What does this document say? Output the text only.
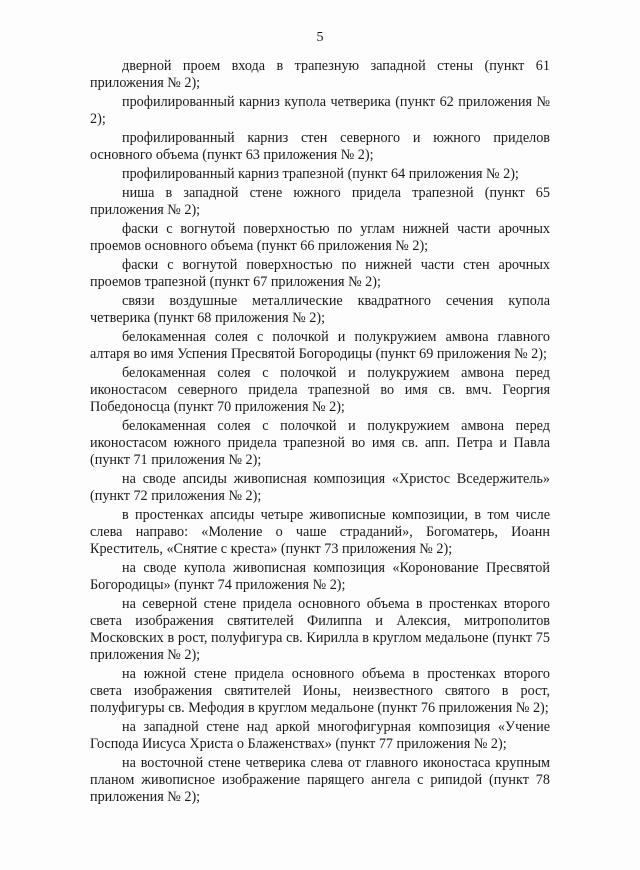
5

дверной проем входа в трапезную западной стены (пункт 61 приложения № 2);

профилированный карниз купола четверика (пункт 62 приложения № 2);

профилированный карниз стен северного и южного приделов основного объема (пункт 63 приложения № 2);

профилированный карниз трапезной (пункт 64 приложения № 2);

ниша в западной стене южного придела трапезной (пункт 65 приложения № 2);

фаски с вогнутой поверхностью по углам нижней части арочных проемов основного объема (пункт 66 приложения № 2);

фаски с вогнутой поверхностью по нижней части стен арочных проемов трапезной (пункт 67 приложения № 2);

связи воздушные металлические квадратного сечения купола четверика (пункт 68 приложения № 2);

белокаменная солея с полочкой и полукружием амвона главного алтаря во имя Успения Пресвятой Богородицы (пункт 69 приложения № 2);

белокаменная солея с полочкой и полукружием амвона перед иконостасом северного придела трапезной во имя св. вмч. Георгия Победоносца (пункт 70 приложения № 2);

белокаменная солея с полочкой и полукружием амвона перед иконостасом южного придела трапезной во имя св. апп. Петра и Павла (пункт 71 приложения № 2);

на своде апсиды живописная композиция «Христос Вседержитель» (пункт 72 приложения № 2);

в простенках апсиды четыре живописные композиции, в том числе слева направо: «Моление о чаше страданий», Богоматерь, Иоанн Креститель, «Снятие с креста» (пункт 73 приложения № 2);

на своде купола живописная композиция «Коронование Пресвятой Богородицы» (пункт 74 приложения № 2);

на северной стене придела основного объема в простенках второго света изображения святителей Филиппа и Алексия, митрополитов Московских в рост, полуфигура св. Кирилла в круглом медальоне (пункт 75 приложения № 2);

на южной стене придела основного объема в простенках второго света изображения святителей Ионы, неизвестного святого в рост, полуфигуры св. Мефодия в круглом медальоне (пункт 76 приложения № 2);

на западной стене над аркой многофигурная композиция «Учение Господа Иисуса Христа о Блаженствах» (пункт 77 приложения № 2);

на восточной стене четверика слева от главного иконостаса крупным планом живописное изображение парящего ангела с рипидой (пункт 78 приложения № 2);
